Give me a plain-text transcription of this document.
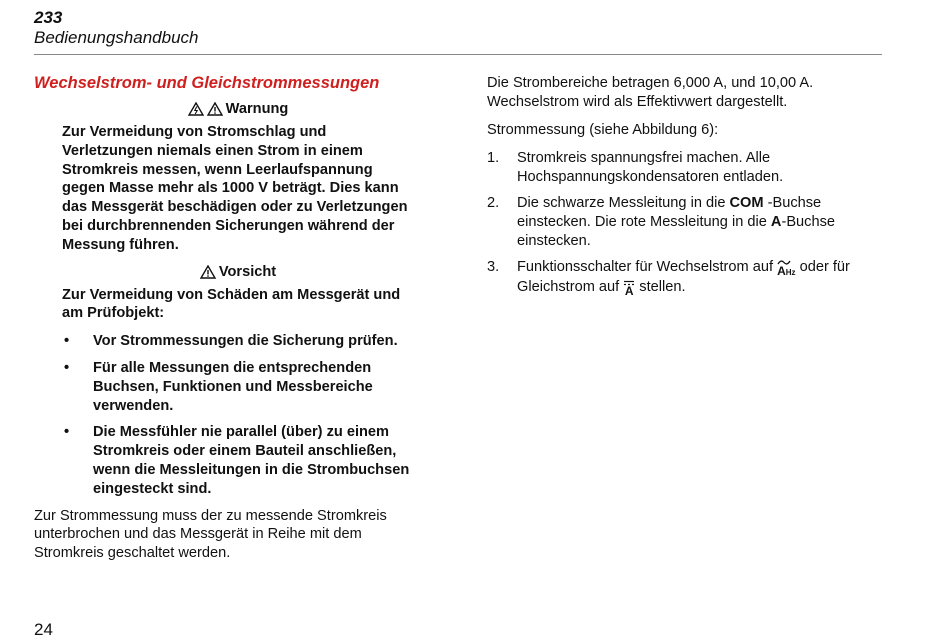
233
Bedienungshandbuch
Wechselstrom- und Gleichstrommessungen
Warnung

Zur Vermeidung von Stromschlag und Verletzungen niemals einen Strom in einem Stromkreis messen, wenn Leerlaufspannung gegen Masse mehr als 1000 V beträgt. Dies kann das Messgerät beschädigen oder zu Verletzungen bei durchbrennenden Sicherungen während der Messung führen.

Vorsicht

Zur Vermeidung von Schäden am Messgerät und am Prüfobjekt:

• Vor Strommessungen die Sicherung prüfen.
• Für alle Messungen die entsprechenden Buchsen, Funktionen und Messbereiche verwenden.
• Die Messfühler nie parallel (über) zu einem Stromkreis oder einem Bauteil anschließen, wenn die Messleitungen in die Strombuchsen eingesteckt sind.

Zur Strommessung muss der zu messende Stromkreis unterbrochen und das Messgerät in Reihe mit dem Stromkreis geschaltet werden.

Die Strombereiche betragen 6,000 A, und 10,00 A. Wechselstrom wird als Effektivwert dargestellt.

Strommessung (siehe Abbildung 6):

1. Stromkreis spannungsfrei machen. Alle Hochspannungskondensatoren entladen.
2. Die schwarze Messleitung in die COM -Buchse einstecken. Die rote Messleitung in die A-Buchse einstecken.
3. Funktionsschalter für Wechselstrom auf AHz oder für Gleichstrom auf A stellen.
24
